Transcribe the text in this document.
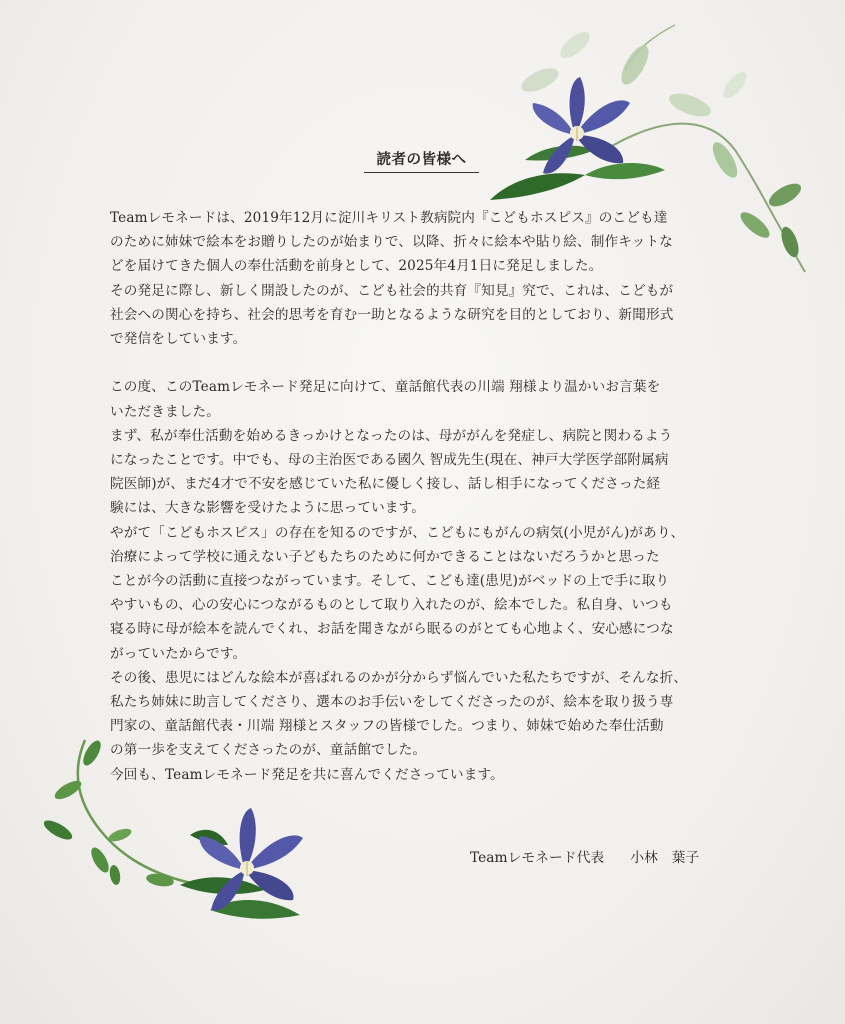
読者の皆様へ

Teamレモネードは、2019年12月に淀川キリスト教病院内『こどもホスピス』のこども達

のために姉妹で絵本をお贈りしたのが始まりで、以降、折々に絵本や貼り絵、制作キットな

どを届けてきた個人の奉仕活動を前身として、2025年4月1日に発足しました。

その発足に際し、新しく開設したのが、こども社会的共育『知見』究で、これは、こどもが

社会への関心を持ち、社会的思考を育む一助となるような研究を目的としており、新聞形式

で発信をしています。

この度、このTeamレモネード発足に向けて、童話館代表の川端 翔様より温かいお言葉を

いただきました。

まず、私が奉仕活動を始めるきっかけとなったのは、母ががんを発症し、病院と関わるよう

になったことです。中でも、母の主治医である國久 智成先生(現在、神戸大学医学部附属病

院医師)が、まだ4才で不安を感じていた私に優しく接し、話し相手になってくださった経

験には、大きな影響を受けたように思っています。

やがて「こどもホスピス」の存在を知るのですが、こどもにもがんの病気(小児がん)があり、

治療によって学校に通えない子どもたちのために何かできることはないだろうかと思った

ことが今の活動に直接つながっています。そして、こども達(患児)がベッドの上で手に取り

やすいもの、心の安心につながるものとして取り入れたのが、絵本でした。私自身、いつも

寝る時に母が絵本を読んでくれ、お話を聞きながら眠るのがとても心地よく、安心感につな

がっていたからです。

その後、患児にはどんな絵本が喜ばれるのかが分からず悩んでいた私たちですが、そんな折、

私たち姉妹に助言してくださり、選本のお手伝いをしてくださったのが、絵本を取り扱う専

門家の、童話館代表・川端 翔様とスタッフの皆様でした。つまり、姉妹で始めた奉仕活動

の第一歩を支えてくださったのが、童話館でした。

今回も、Teamレモネード発足を共に喜んでくださっています。

Teamレモネード代表 小林　葉子
